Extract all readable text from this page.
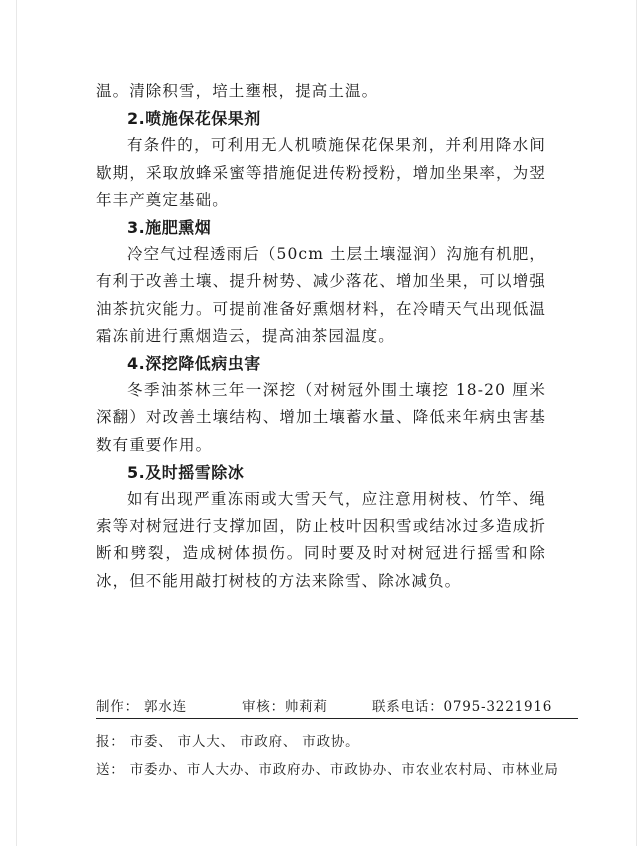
温。清除积雪，培土壅根，提高土温。

2.喷施保花保果剂

有条件的，可利用无人机喷施保花保果剂，并利用降水间歇期，采取放蜂采蜜等措施促进传粉授粉，增加坐果率，为翌年丰产奠定基础。

3.施肥熏烟

冷空气过程透雨后（50cm 土层土壤湿润）沟施有机肥，有利于改善土壤、提升树势、减少落花、增加坐果，可以增强油茶抗灾能力。可提前准备好熏烟材料，在冷晴天气出现低温霜冻前进行熏烟造云，提高油茶园温度。

4.深挖降低病虫害

冬季油茶林三年一深挖（对树冠外围土壤挖 18-20 厘米深翻）对改善土壤结构、增加土壤蓄水量、降低来年病虫害基数有重要作用。

5.及时摇雪除冰

如有出现严重冻雨或大雪天气，应注意用树枝、竹竿、绳索等对树冠进行支撑加固，防止枝叶因积雪或结冰过多造成折断和劈裂，造成树体损伤。同时要及时对树冠进行摇雪和除冰，但不能用敲打树枝的方法来除雪、除冰减负。

制作： 郭水连	审核：帅莉莉	联系电话：0795-3221916

报： 市委、 市人大、 市政府、 市政协。

送： 市委办、市人大办、市政府办、市政协办、市农业农村局、市林业局
